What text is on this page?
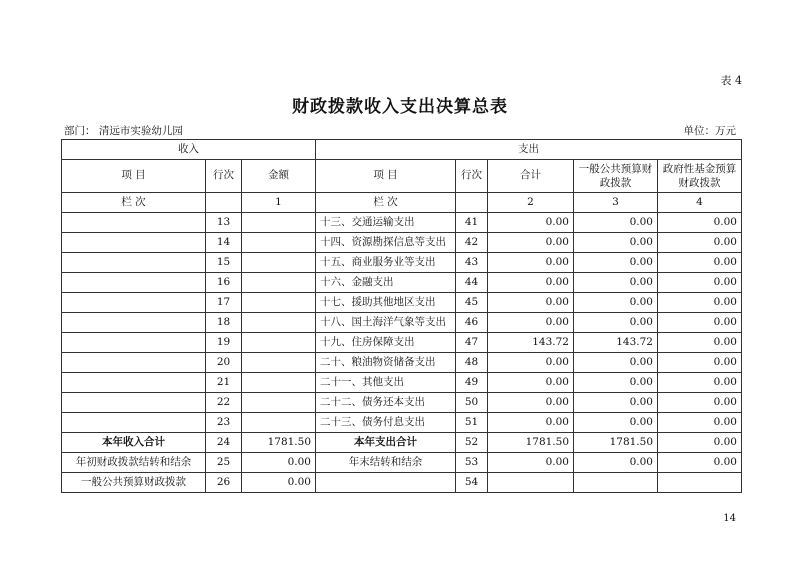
表 4
财政拨款收入支出决算总表
部门： 清远市实验幼儿园	单位：万元
收入			支出				
项 目	行次	金额	项 目	行次	合计	一般公共预算财政拨款	政府性基金预算财政拨款
栏 次		1	栏 次		2	3	4
	13		十三、交通运输支出	41	0.00	0.00	0.00
	14		十四、资源勘探信息等支出	42	0.00	0.00	0.00
	15		十五、商业服务业等支出	43	0.00	0.00	0.00
	16		十六、金融支出	44	0.00	0.00	0.00
	17		十七、援助其他地区支出	45	0.00	0.00	0.00
	18		十八、国土海洋气象等支出	46	0.00	0.00	0.00
	19		十九、住房保障支出	47	143.72	143.72	0.00
	20		二十、粮油物资储备支出	48	0.00	0.00	0.00
	21		二十一、其他支出	49	0.00	0.00	0.00
	22		二十二、债务还本支出	50	0.00	0.00	0.00
	23		二十三、债务付息支出	51	0.00	0.00	0.00
本年收入合计	24	1781.50	本年支出合计	52	1781.50	1781.50	0.00
年初财政拨款结转和结余	25	0.00	年末结转和结余	53	0.00	0.00	0.00
一般公共预算财政拨款	26	0.00		54			
14
